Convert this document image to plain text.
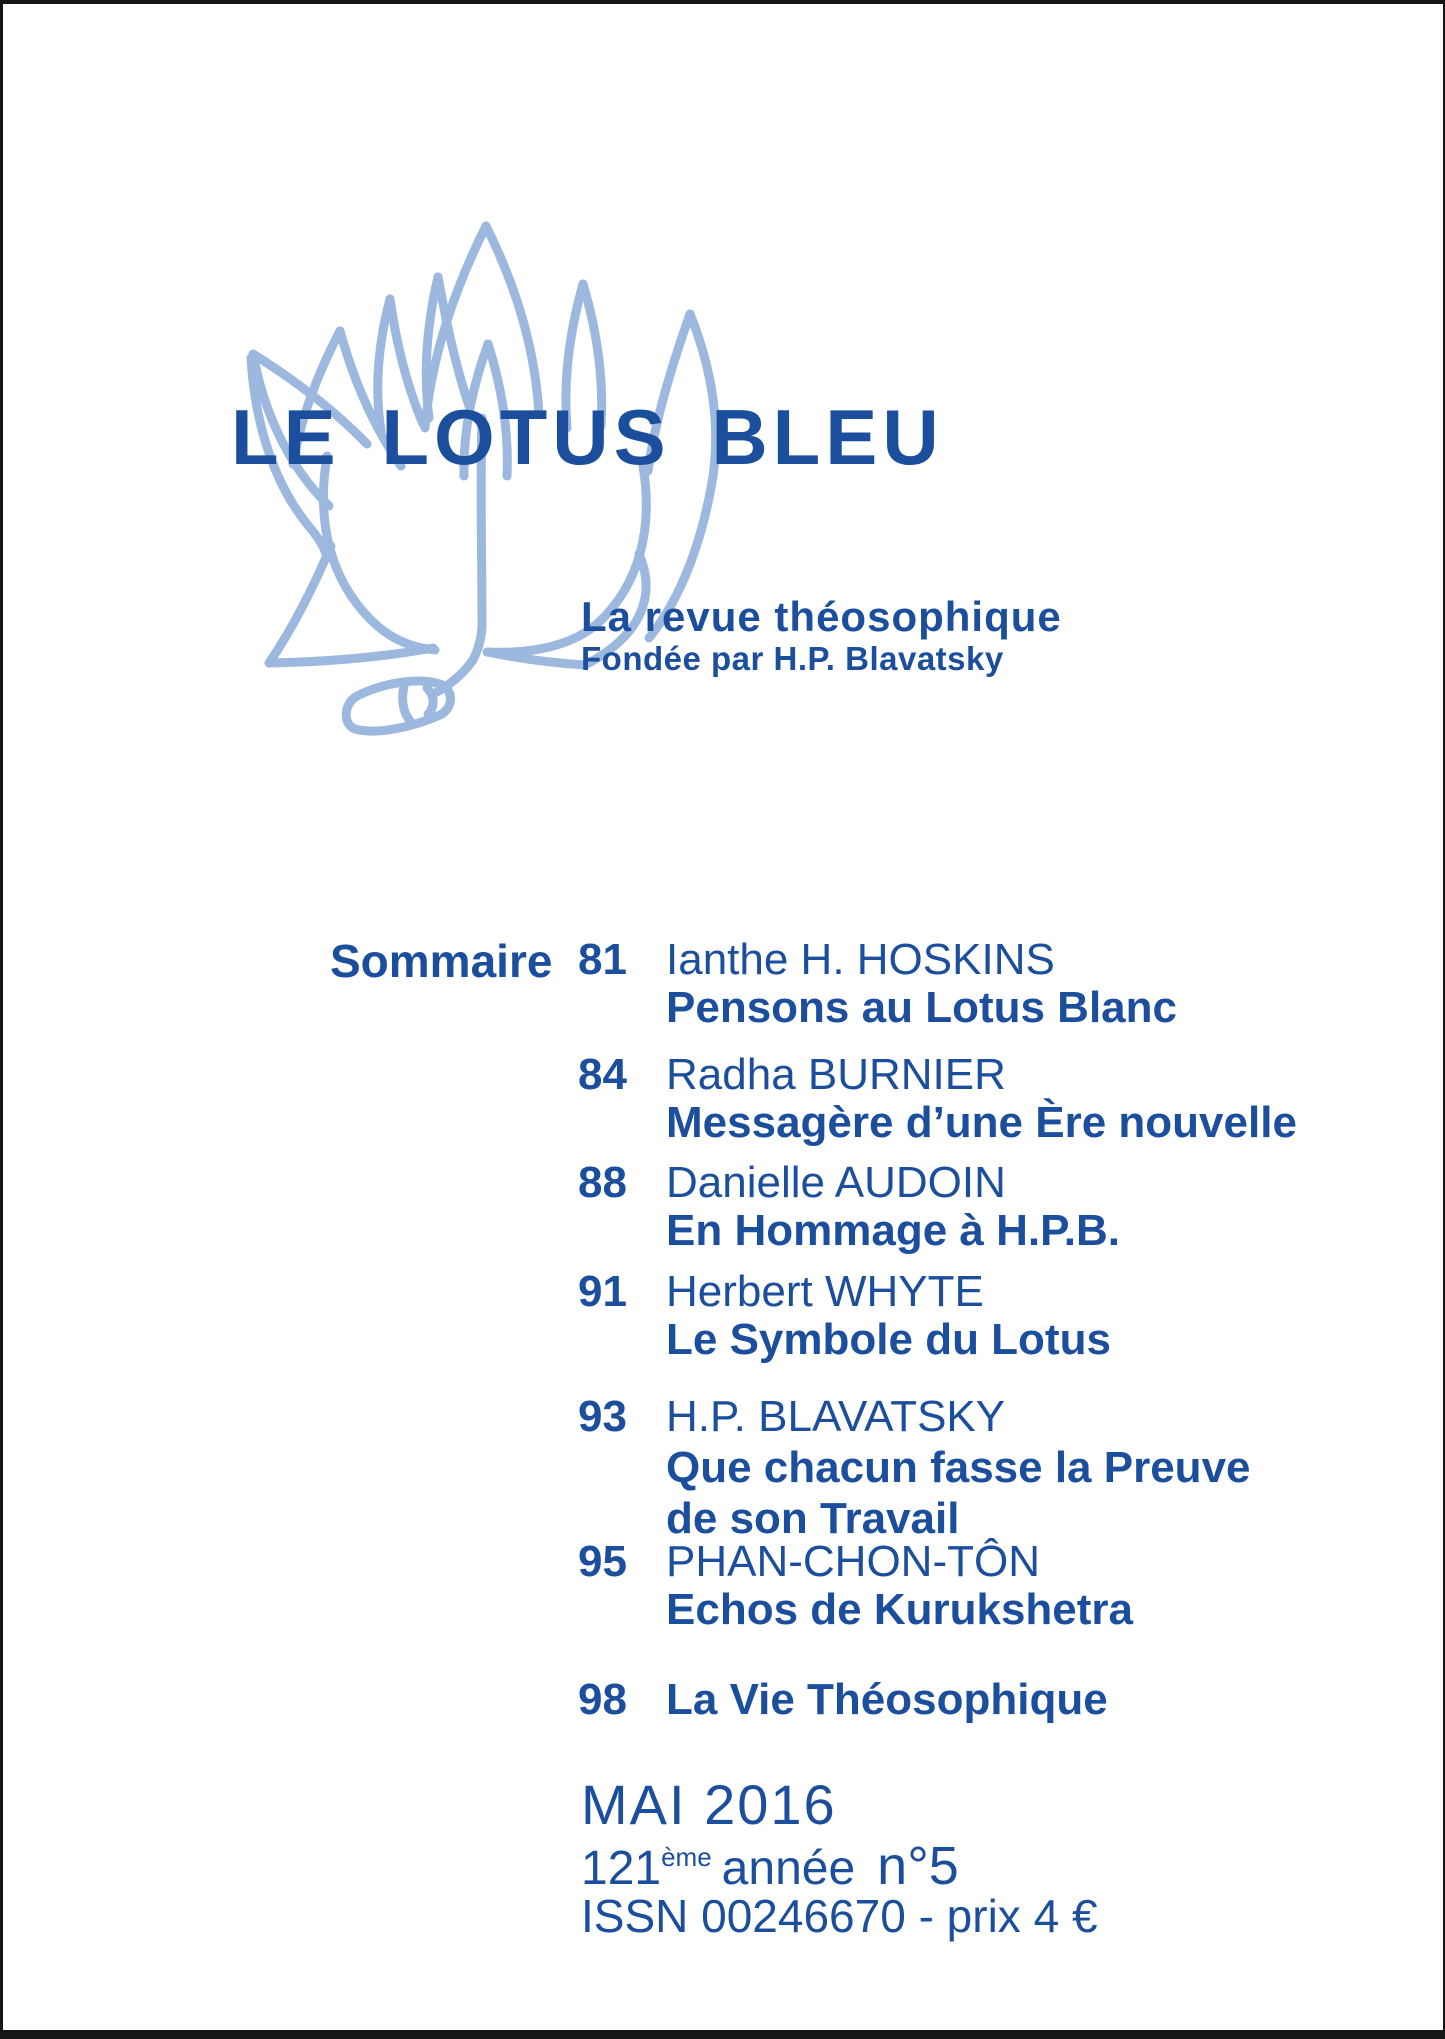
LE LOTUS BLEU
La revue théosophique
Fondée par H.P. Blavatsky
Sommaire 81 Ianthe H. HOSKINS
Pensons au Lotus Blanc
84 Radha BURNIER
Messagère d’une Ère nouvelle
88 Danielle AUDOIN
En Hommage à H.P.B.
91 Herbert WHYTE
Le Symbole du Lotus
93 H.P. BLAVATSKY
Que chacun fasse la Preuve
de son Travail
95 PHAN-CHON-TÔN
Echos de Kurukshetra
98 La Vie Théosophique
MAI 2016
121ème année n°5
ISSN 00246670 - prix 4 €
